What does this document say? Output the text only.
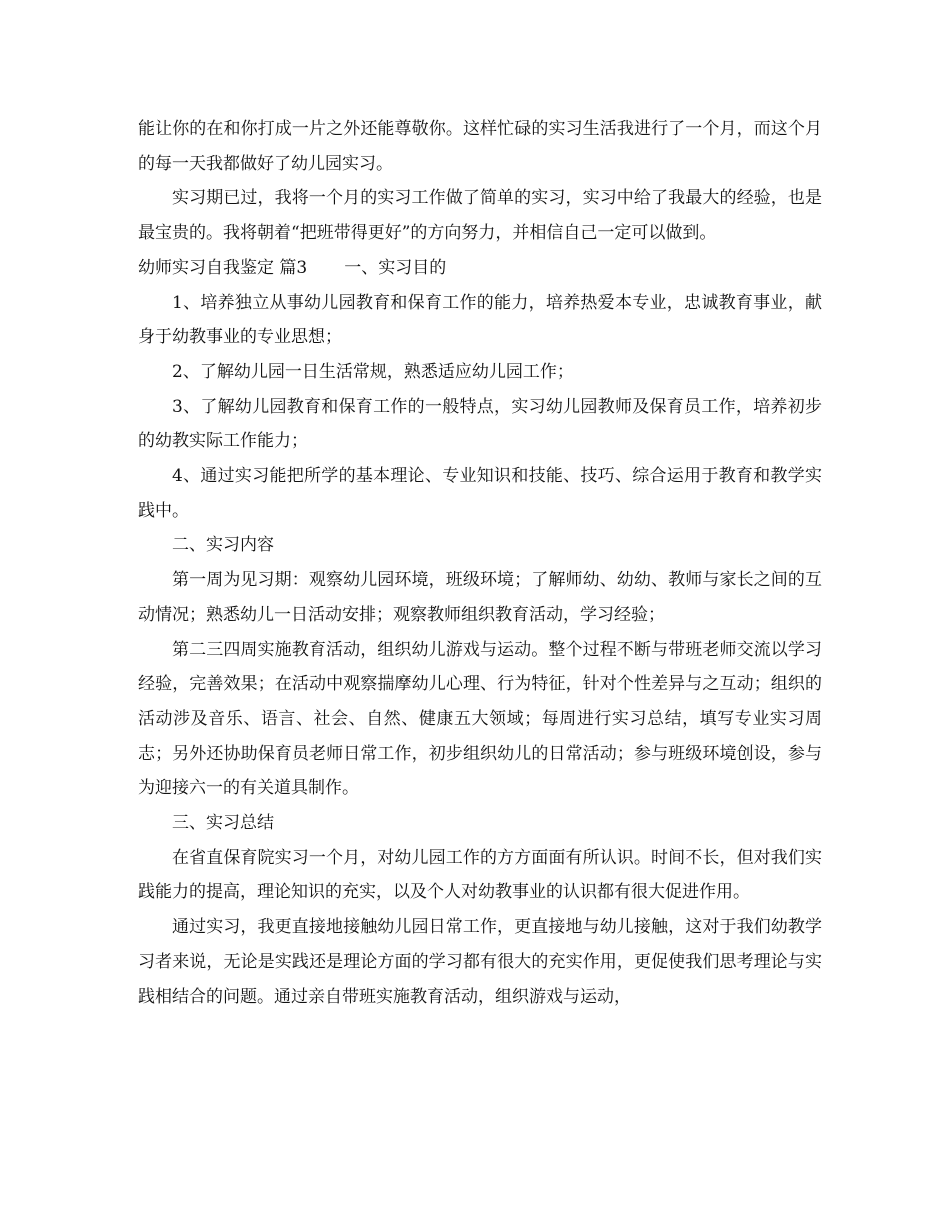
能让你的在和你打成一片之外还能尊敬你。这样忙碌的实习生活我进行了一个月，而这个月的每一天我都做好了幼儿园实习。

实习期已过，我将一个月的实习工作做了简单的实习，实习中给了我最大的经验，也是最宝贵的。我将朝着“把班带得更好”的方向努力，并相信自己一定可以做到。

幼师实习自我鉴定 篇3 一、实习目的

1、培养独立从事幼儿园教育和保育工作的能力，培养热爱本专业，忠诚教育事业，献身于幼教事业的专业思想；

2、了解幼儿园一日生活常规，熟悉适应幼儿园工作；

3、了解幼儿园教育和保育工作的一般特点，实习幼儿园教师及保育员工作，培养初步的幼教实际工作能力；

4、通过实习能把所学的基本理论、专业知识和技能、技巧、综合运用于教育和教学实践中。

二、实习内容

第一周为见习期：观察幼儿园环境，班级环境；了解师幼、幼幼、教师与家长之间的互动情况；熟悉幼儿一日活动安排；观察教师组织教育活动，学习经验；

第二三四周实施教育活动，组织幼儿游戏与运动。整个过程不断与带班老师交流以学习经验，完善效果；在活动中观察揣摩幼儿心理、行为特征，针对个性差异与之互动；组织的活动涉及音乐、语言、社会、自然、健康五大领域；每周进行实习总结，填写专业实习周志；另外还协助保育员老师日常工作，初步组织幼儿的日常活动；参与班级环境创设，参与为迎接六一的有关道具制作。

三、实习总结

在省直保育院实习一个月，对幼儿园工作的方方面面有所认识。时间不长，但对我们实践能力的提高，理论知识的充实，以及个人对幼教事业的认识都有很大促进作用。

通过实习，我更直接地接触幼儿园日常工作，更直接地与幼儿接触，这对于我们幼教学习者来说，无论是实践还是理论方面的学习都有很大的充实作用，更促使我们思考理论与实践相结合的问题。通过亲自带班实施教育活动，组织游戏与运动，
